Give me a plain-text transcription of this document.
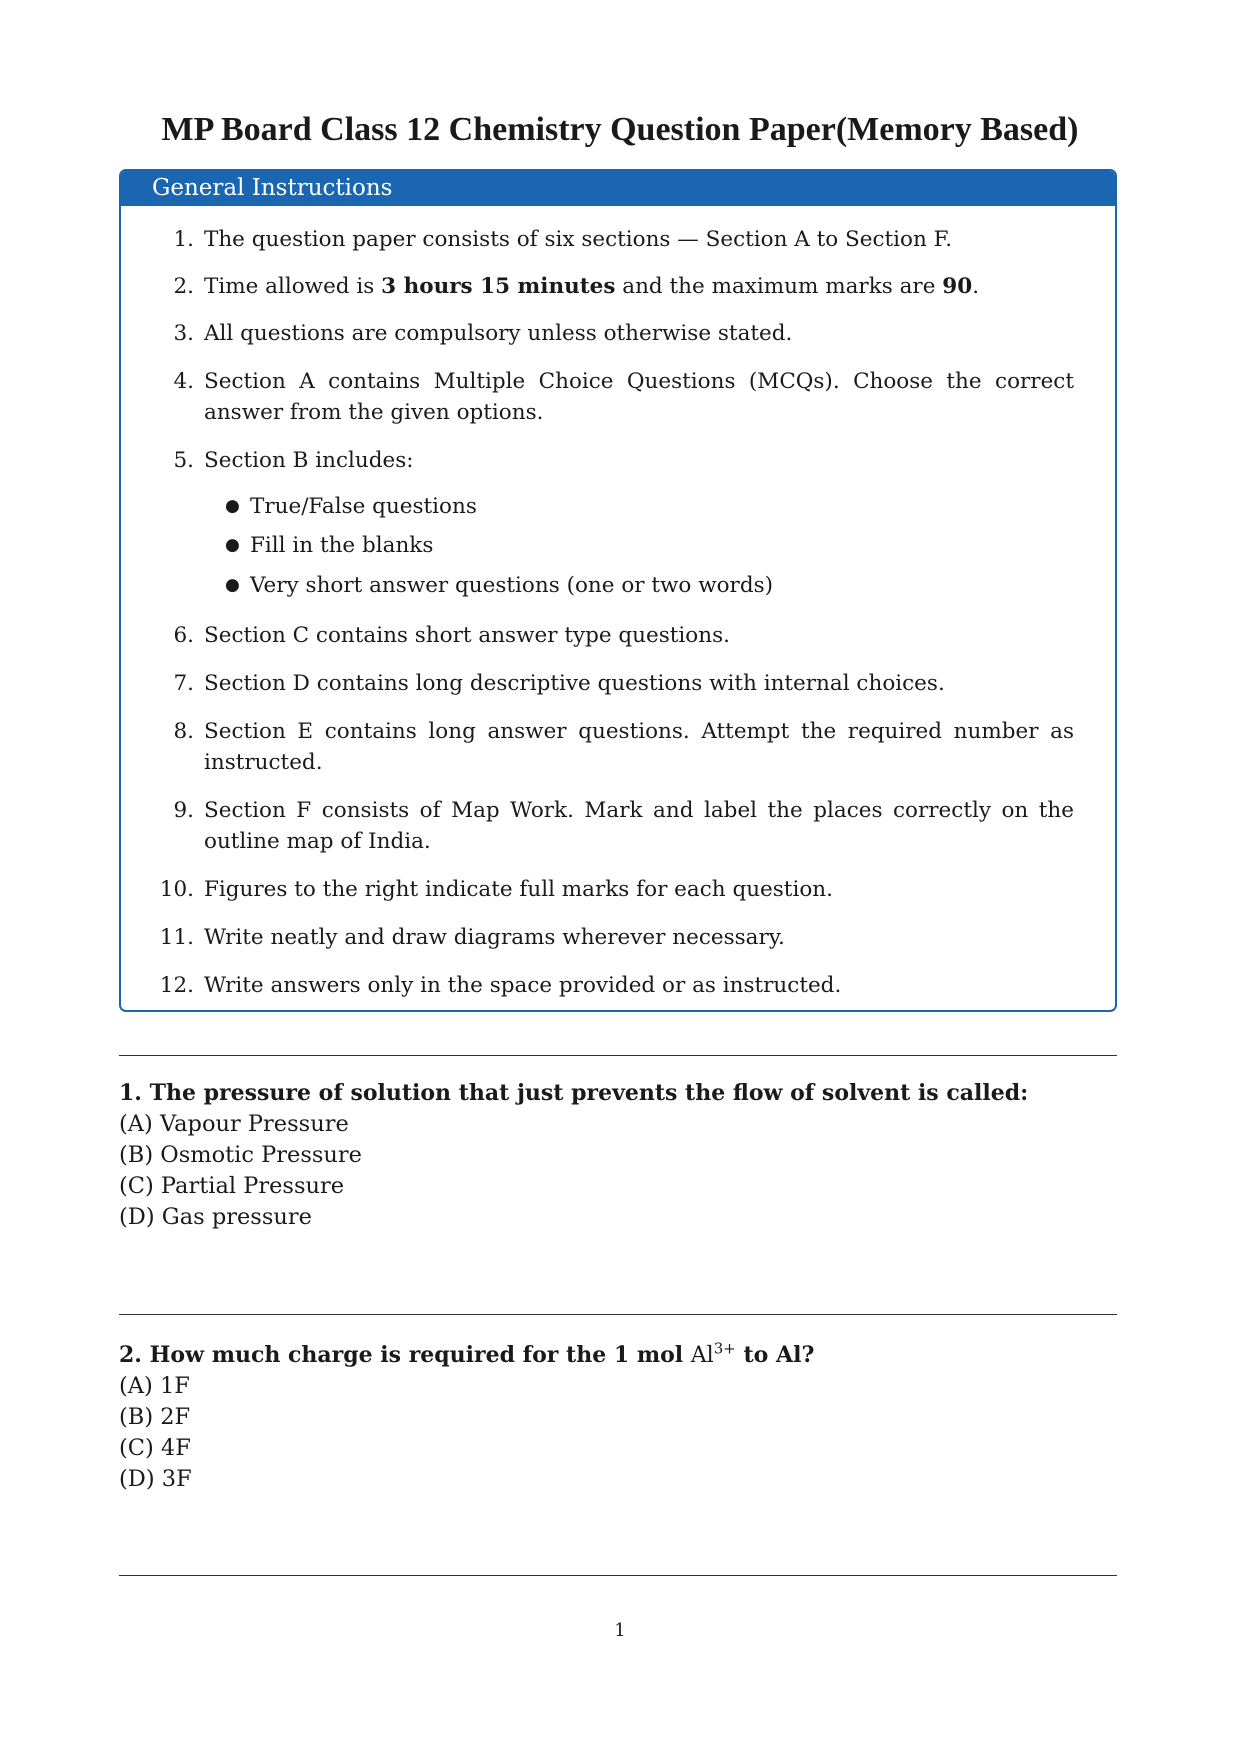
MP Board Class 12 Chemistry Question Paper(Memory Based)
General Instructions
1. The question paper consists of six sections — Section A to Section F.
2. Time allowed is 3 hours 15 minutes and the maximum marks are 90.
3. All questions are compulsory unless otherwise stated.
4. Section A contains Multiple Choice Questions (MCQs). Choose the correct answer from the given options.
5. Section B includes:
● True/False questions
● Fill in the blanks
● Very short answer questions (one or two words)
6. Section C contains short answer type questions.
7. Section D contains long descriptive questions with internal choices.
8. Section E contains long answer questions. Attempt the required number as instructed.
9. Section F consists of Map Work. Mark and label the places correctly on the outline map of India.
10. Figures to the right indicate full marks for each question.
11. Write neatly and draw diagrams wherever necessary.
12. Write answers only in the space provided or as instructed.
1. The pressure of solution that just prevents the flow of solvent is called:
(A) Vapour Pressure
(B) Osmotic Pressure
(C) Partial Pressure
(D) Gas pressure
2. How much charge is required for the 1 mol $Al^{3+}$ to Al?
(A) 1F
(B) 2F
(C) 4F
(D) 3F
1
